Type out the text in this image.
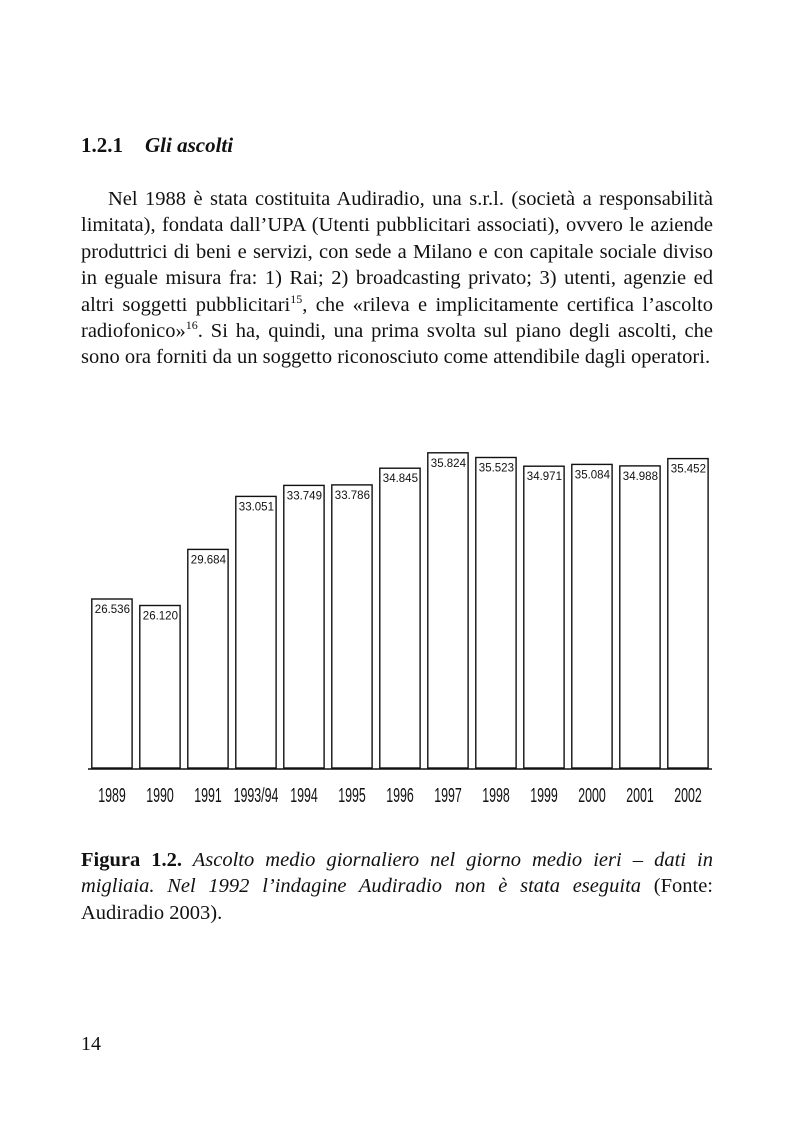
1.2.1 Gli ascolti

Nel 1988 è stata costituita Audiradio, una s.r.l. (società a responsabilità limitata), fondata dall’UPA (Utenti pubblicitari associati), ovvero le aziende produttrici di beni e servizi, con sede a Milano e con capitale sociale diviso in eguale misura fra: 1) Rai; 2) broadcasting privato; 3) utenti, agenzie ed altri soggetti pubblicitari$^{15}$, che «rileva e implicitamente certifica l’ascolto radiofonico»$^{16}$. Si ha, quindi, una prima svolta sul piano degli ascolti, che sono ora forniti da un soggetto riconosciuto come attendibile dagli operatori.

26.536
1989
26.120
1990
29.684
1991
33.051
1993/94
33.749
1994
33.786
1995
34.845
1996
35.824
1997
35.523
1998
34.971
1999
35.084
2000
34.988
2001
35.452
2002
Figura 1.2. Ascolto medio giornaliero nel giorno medio ieri – dati in migliaia. Nel 1992 l’indagine Audiradio non è stata eseguita (Fonte: Audiradio 2003).
14
